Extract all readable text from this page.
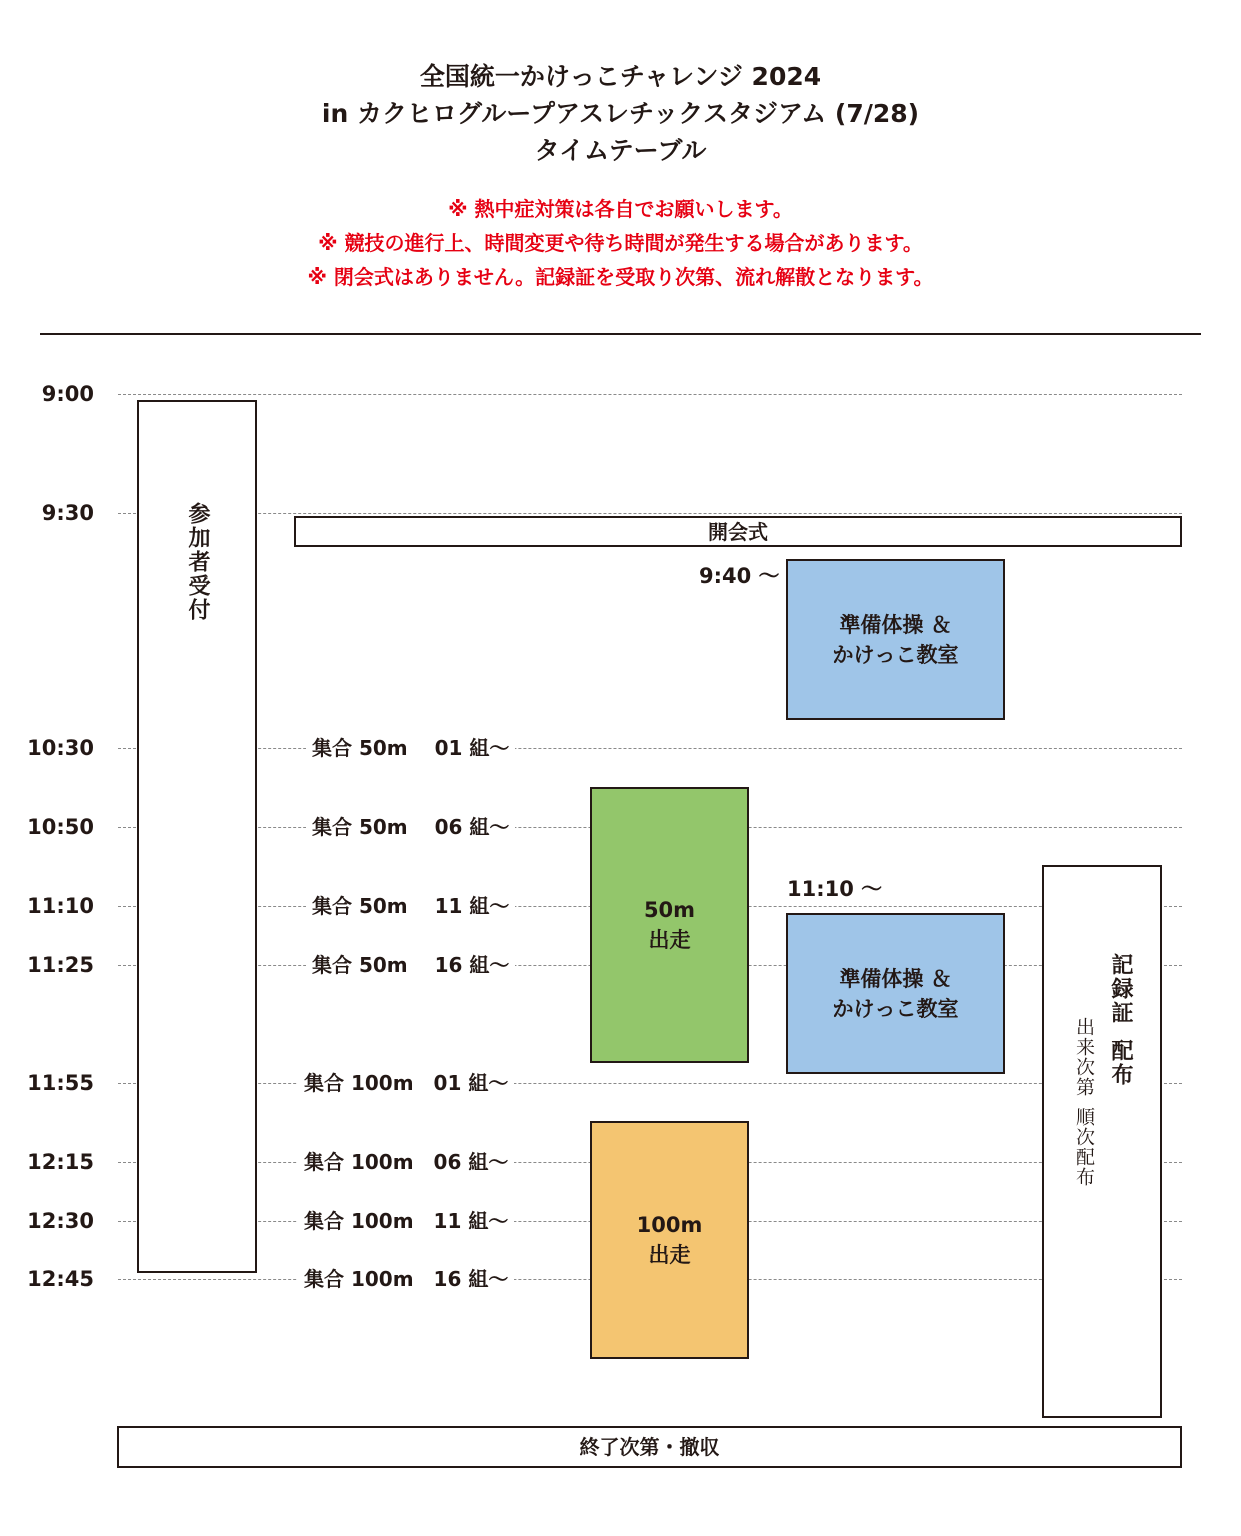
全国統一かけっこチャレンジ 2024
in カクヒログループアスレチックスタジアム (7/28)
タイムテーブル
※ 熱中症対策は各自でお願いします。
※ 競技の進行上、時間変更や待ち時間が発生する場合があります。
※ 閉会式はありません。記録証を受取り次第、流れ解散となります。
9:00
9:30
10:30
10:50
11:10
11:25
11:55
12:15
12:30
12:45
集合 50m　 01 組〜
集合 50m　 06 組〜
集合 50m　 11 組〜
集合 50m　 16 組〜
集合 100m　01 組〜
集合 100m　06 組〜
集合 100m　11 組〜
集合 100m　16 組〜
参加者受付	開会式
9:40 〜
準備体操 ＆
かけっこ教室
50m
出走
11:10 〜
準備体操 ＆
かけっこ教室
100m
出走
記録証
配布
出来次第
順次配布
終了次第・撤収
